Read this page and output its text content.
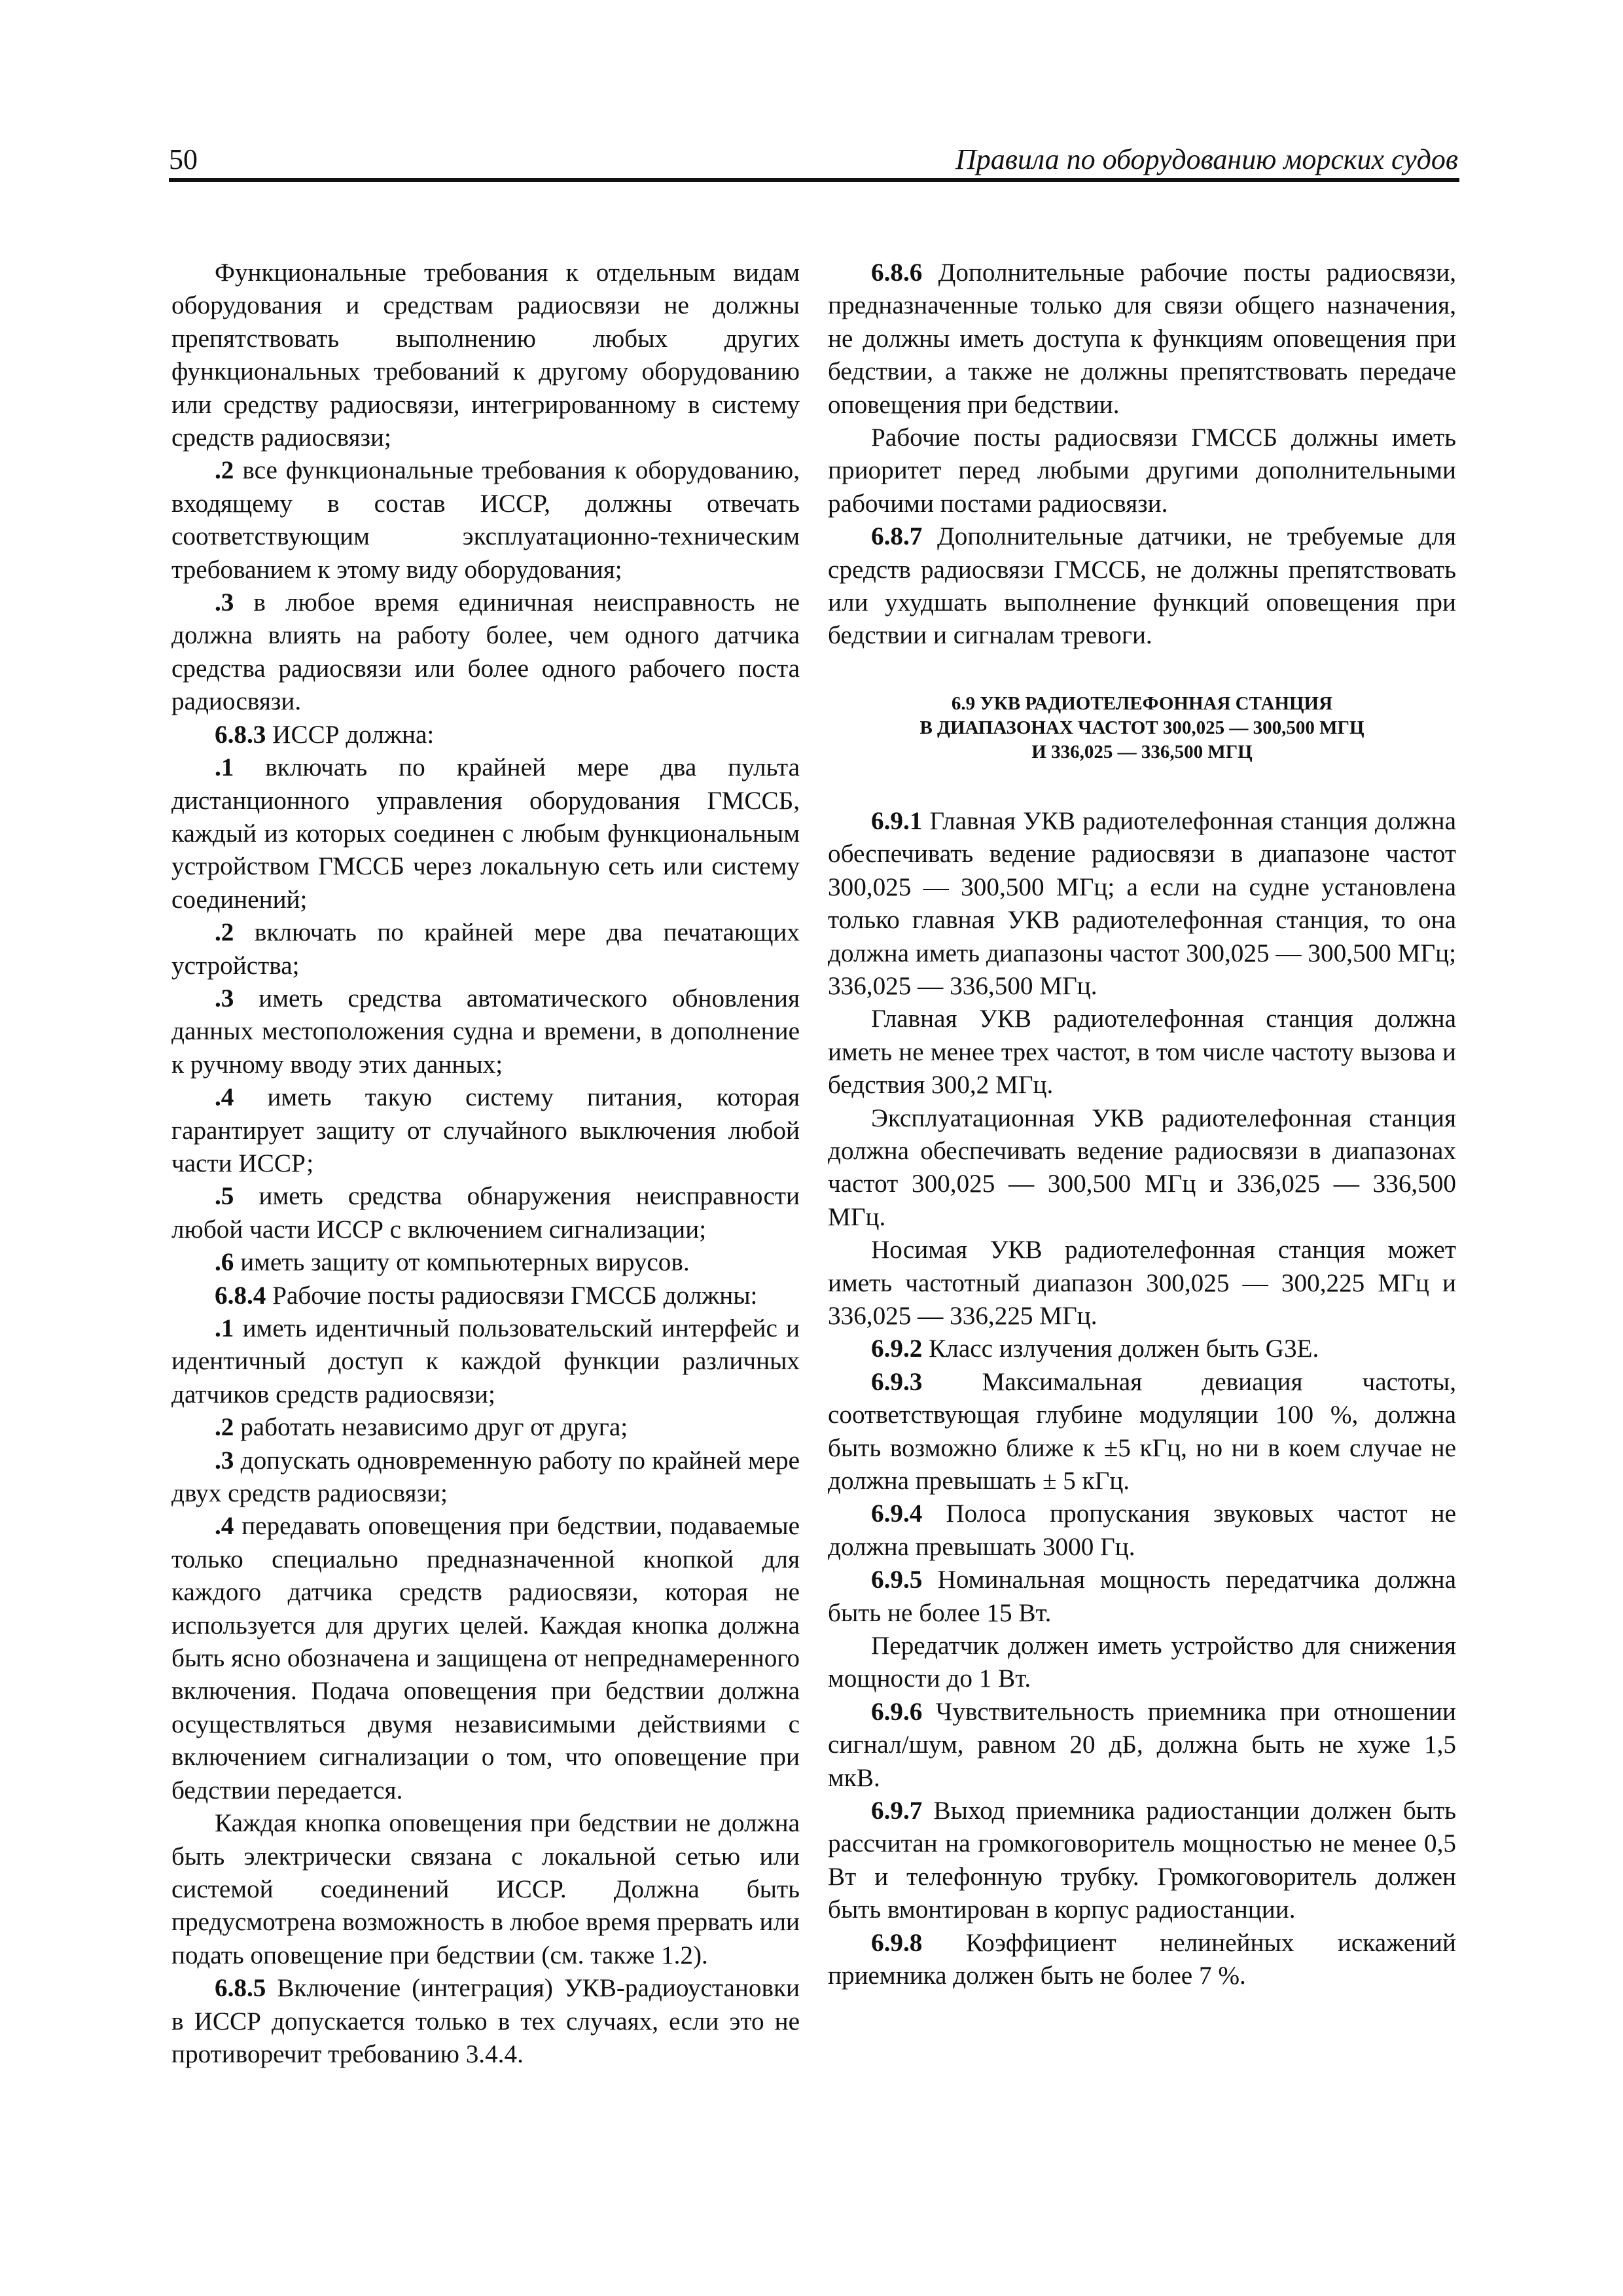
50	Правила по оборудованию морских судов

Функциональные требования к отдельным видам оборудования и средствам радиосвязи не должны препятствовать выполнению любых других функциональных требований к другому оборудованию или средству радиосвязи, интегрированному в систему средств радиосвязи;

.2 все функциональные требования к оборудованию, входящему в состав ИССР, должны отвечать соответствующим эксплуатационно-техническим требованием к этому виду оборудования;

.3 в любое время единичная неисправность не должна влиять на работу более, чем одного датчика средства радиосвязи или более одного рабочего поста радиосвязи.

6.8.3 ИССР должна:

.1 включать по крайней мере два пульта дистанционного управления оборудования ГМССБ, каждый из которых соединен с любым функциональным устройством ГМССБ через локальную сеть или систему соединений;

.2 включать по крайней мере два печатающих устройства;

.3 иметь средства автоматического обновления данных местоположения судна и времени, в дополнение к ручному вводу этих данных;

.4 иметь такую систему питания, которая гарантирует защиту от случайного выключения любой части ИССР;

.5 иметь средства обнаружения неисправности любой части ИССР с включением сигнализации;

.6 иметь защиту от компьютерных вирусов.

6.8.4 Рабочие посты радиосвязи ГМССБ должны:

.1 иметь идентичный пользовательский интерфейс и идентичный доступ к каждой функции различных датчиков средств радиосвязи;

.2 работать независимо друг от друга;

.3 допускать одновременную работу по крайней мере двух средств радиосвязи;

.4 передавать оповещения при бедствии, подаваемые только специально предназначенной кнопкой для каждого датчика средств радиосвязи, которая не используется для других целей. Каждая кнопка должна быть ясно обозначена и защищена от непреднамеренного включения. Подача оповещения при бедствии должна осуществляться двумя независимыми действиями с включением сигнализации о том, что оповещение при бедствии передается.

Каждая кнопка оповещения при бедствии не должна быть электрически связана с локальной сетью или системой соединений ИССР. Должна быть предусмотрена возможность в любое время прервать или подать оповещение при бедствии (см. также 1.2).

6.8.5 Включение (интеграция) УКВ-радиоустановки в ИССР допускается только в тех случаях, если это не противоречит требованию 3.4.4.

6.8.6 Дополнительные рабочие посты радиосвязи, предназначенные только для связи общего назначения, не должны иметь доступа к функциям оповещения при бедствии, а также не должны препятствовать передаче оповещения при бедствии.

Рабочие посты радиосвязи ГМССБ должны иметь приоритет перед любыми другими дополнительными рабочими постами радиосвязи.

6.8.7 Дополнительные датчики, не требуемые для средств радиосвязи ГМССБ, не должны препятствовать или ухудшать выполнение функций оповещения при бедствии и сигналам тревоги.

6.9 УКВ РАДИОТЕЛЕФОННАЯ СТАНЦИЯ
В ДИАПАЗОНАХ ЧАСТОТ 300,025 — 300,500 МГЦ
И 336,025 — 336,500 МГЦ

6.9.1 Главная УКВ радиотелефонная станция должна обеспечивать ведение радиосвязи в диапазоне частот 300,025 — 300,500 МГц; а если на судне установлена только главная УКВ радиотелефонная станция, то она должна иметь диапазоны частот 300,025 — 300,500 МГц; 336,025 — 336,500 МГц.

Главная УКВ радиотелефонная станция должна иметь не менее трех частот, в том числе частоту вызова и бедствия 300,2 МГц.

Эксплуатационная УКВ радиотелефонная станция должна обеспечивать ведение радиосвязи в диапазонах частот 300,025 — 300,500 МГц и 336,025 — 336,500 МГц.

Носимая УКВ радиотелефонная станция может иметь частотный диапазон 300,025 — 300,225 МГц и 336,025 — 336,225 МГц.

6.9.2 Класс излучения должен быть G3E.

6.9.3 Максимальная девиация частоты, соответствующая глубине модуляции 100 %, должна быть возможно ближе к ±5 кГц, но ни в коем случае не должна превышать ± 5 кГц.

6.9.4 Полоса пропускания звуковых частот не должна превышать 3000 Гц.

6.9.5 Номинальная мощность передатчика должна быть не более 15 Вт.

Передатчик должен иметь устройство для снижения мощности до 1 Вт.

6.9.6 Чувствительность приемника при отношении сигнал/шум, равном 20 дБ, должна быть не хуже 1,5 мкВ.

6.9.7 Выход приемника радиостанции должен быть рассчитан на громкоговоритель мощностью не менее 0,5 Вт и телефонную трубку. Громкоговоритель должен быть вмонтирован в корпус радиостанции.

6.9.8 Коэффициент нелинейных искажений приемника должен быть не более 7 %.
